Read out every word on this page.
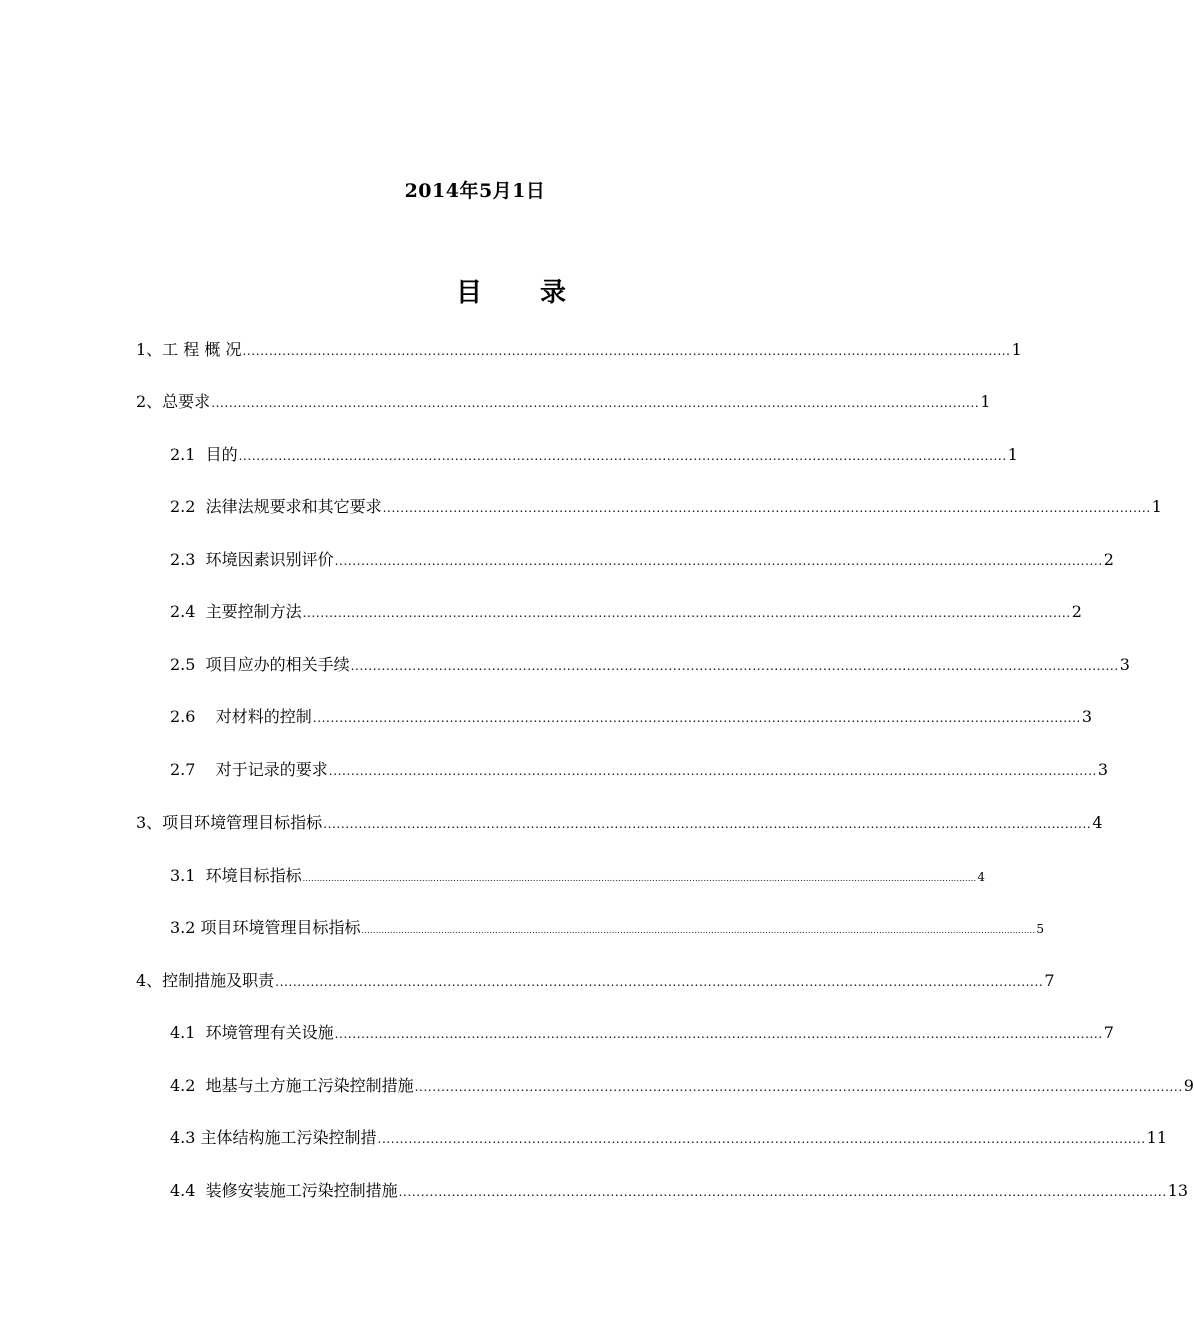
2014年5月1日
目 录
1、工 程 概 况 .............................................................................................................................................................................. 1
2、总要求 .............................................................................................................................................................................. 1
2.1  目的 .............................................................................................................................................................................. 1
2.2  法律法规要求和其它要求 .............................................................................................................................................................................. 1
2.3  环境因素识别评价 .............................................................................................................................................................................. 2
2.4  主要控制方法 .............................................................................................................................................................................. 2
2.5  项目应办的相关手续 .............................................................................................................................................................................. 3
2.6    对材料的控制 .............................................................................................................................................................................. 3
2.7    对于记录的要求 .............................................................................................................................................................................. 3
3、项目环境管理目标指标 .............................................................................................................................................................................. 4
3.1  环境目标指标 ............................................................................................................................................................................................................................................. 4
3.2 项目环境管理目标指标 ............................................................................................................................................................................................................................................. 5
4、控制措施及职责 .............................................................................................................................................................................. 7
4.1  环境管理有关设施 .............................................................................................................................................................................. 7
4.2  地基与土方施工污染控制措施 .............................................................................................................................................................................. 9
4.3 主体结构施工污染控制措 .............................................................................................................................................................................. 11
4.4  装修安装施工污染控制措施 .............................................................................................................................................................................. 13
